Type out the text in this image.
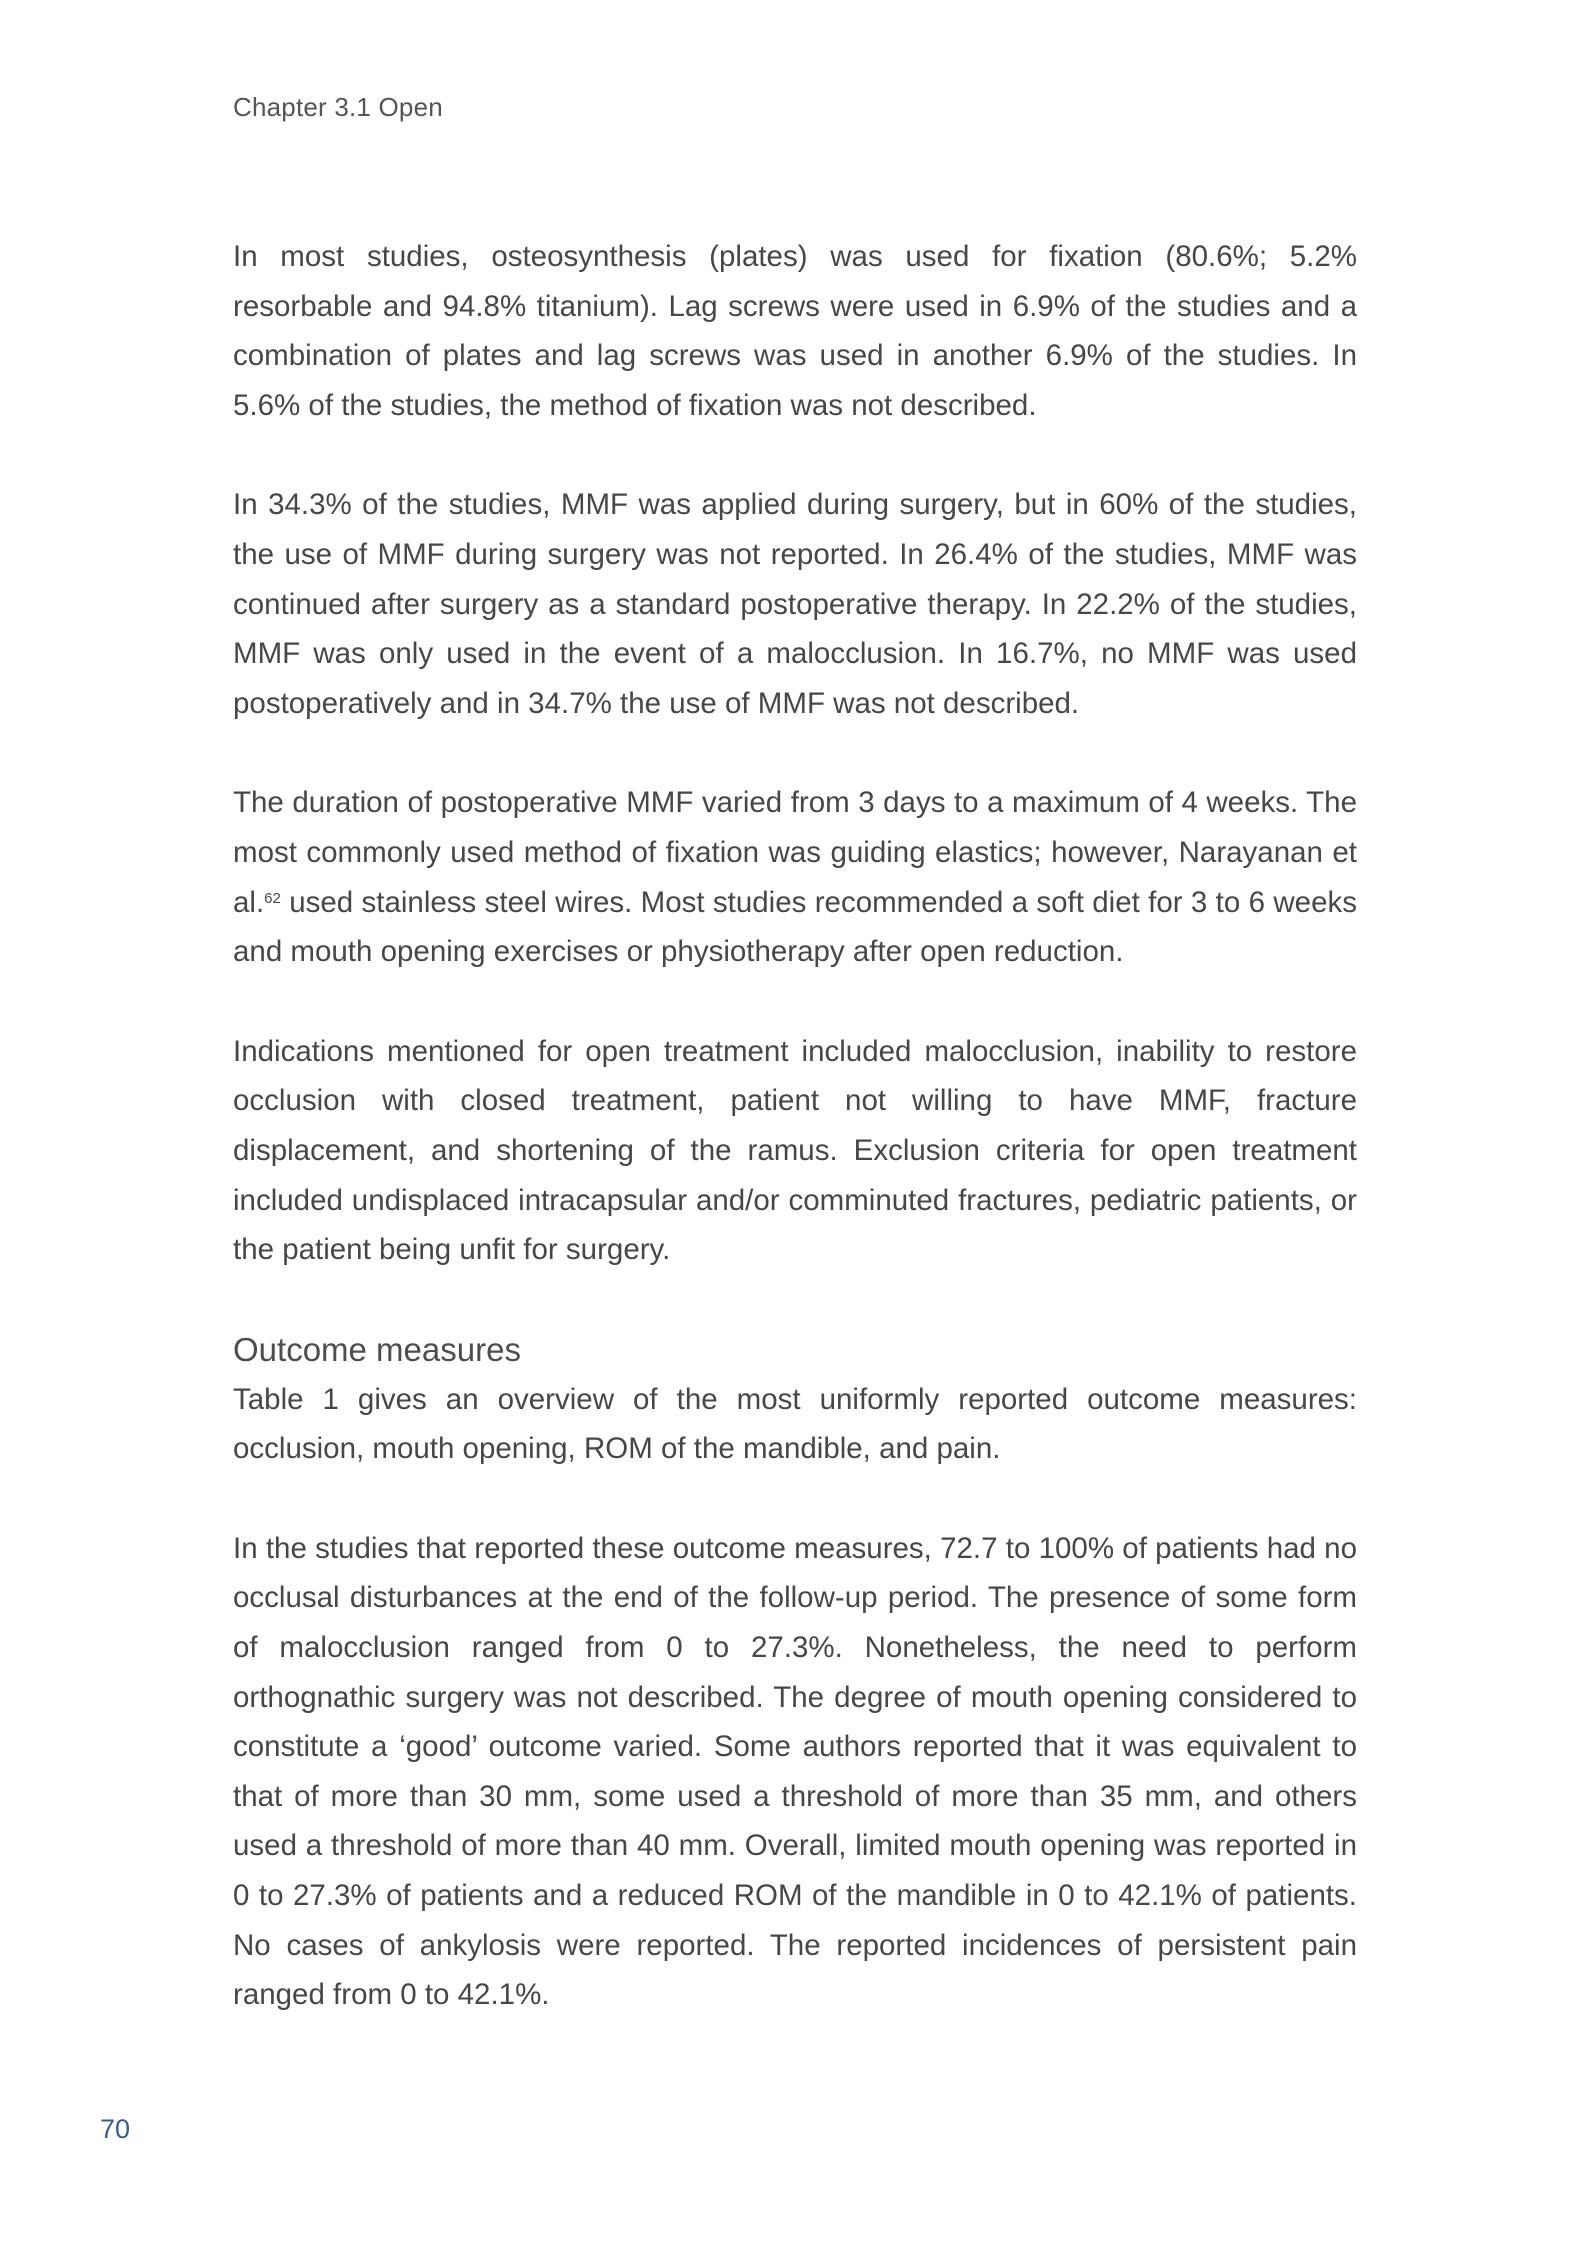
Chapter 3.1 Open

In most studies, osteosynthesis (plates) was used for fixation (80.6%; 5.2% resorbable and 94.8% titanium). Lag screws were used in 6.9% of the studies and a combination of plates and lag screws was used in another 6.9% of the studies. In 5.6% of the studies, the method of fixation was not described.

In 34.3% of the studies, MMF was applied during surgery, but in 60% of the studies, the use of MMF during surgery was not reported. In 26.4% of the studies, MMF was continued after surgery as a standard postoperative therapy. In 22.2% of the studies, MMF was only used in the event of a malocclusion. In 16.7%, no MMF was used postoperatively and in 34.7% the use of MMF was not described.

The duration of postoperative MMF varied from 3 days to a maximum of 4 weeks. The most commonly used method of fixation was guiding elastics; however, Narayanan et al.$^{62}$ used stainless steel wires. Most studies recommended a soft diet for 3 to 6 weeks and mouth opening exercises or physiotherapy after open reduction.

Indications mentioned for open treatment included malocclusion, inability to restore occlusion with closed treatment, patient not willing to have MMF, fracture displacement, and shortening of the ramus. Exclusion criteria for open treatment included undisplaced intracapsular and/or comminuted fractures, pediatric patients, or the patient being unfit for surgery.

Outcome measures

Table 1 gives an overview of the most uniformly reported outcome measures: occlusion, mouth opening, ROM of the mandible, and pain.

In the studies that reported these outcome measures, 72.7 to 100% of patients had no occlusal disturbances at the end of the follow-up period. The presence of some form of malocclusion ranged from 0 to 27.3%. Nonetheless, the need to perform orthognathic surgery was not described. The degree of mouth opening considered to constitute a ‘good’ outcome varied. Some authors reported that it was equivalent to that of more than 30 mm, some used a threshold of more than 35 mm, and others used a threshold of more than 40 mm. Overall, limited mouth opening was reported in 0 to 27.3% of patients and a reduced ROM of the mandible in 0 to 42.1% of patients. No cases of ankylosis were reported. The reported incidences of persistent pain ranged from 0 to 42.1%.

70
